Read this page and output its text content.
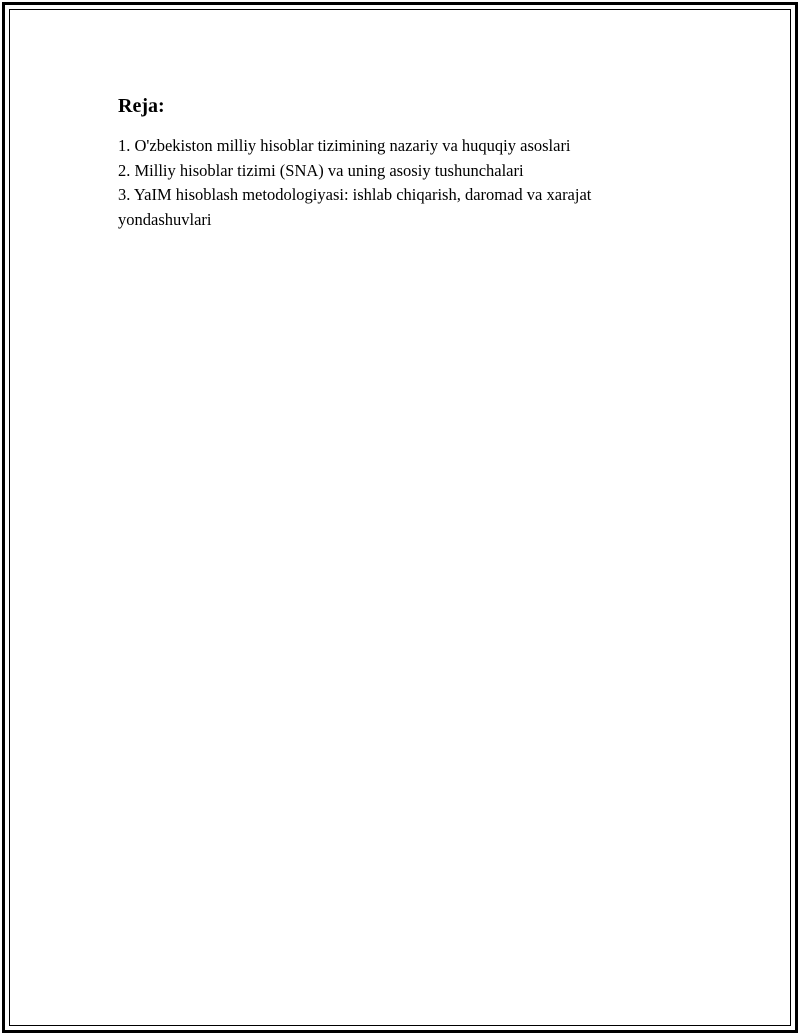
Reja:
1. O'zbekiston milliy hisoblar tizimining nazariy va huquqiy asoslari
2. Milliy hisoblar tizimi (SNA) va uning asosiy tushunchalari
3. YaIM hisoblash metodologiyasi: ishlab chiqarish, daromad va xarajat yondashuvlari
